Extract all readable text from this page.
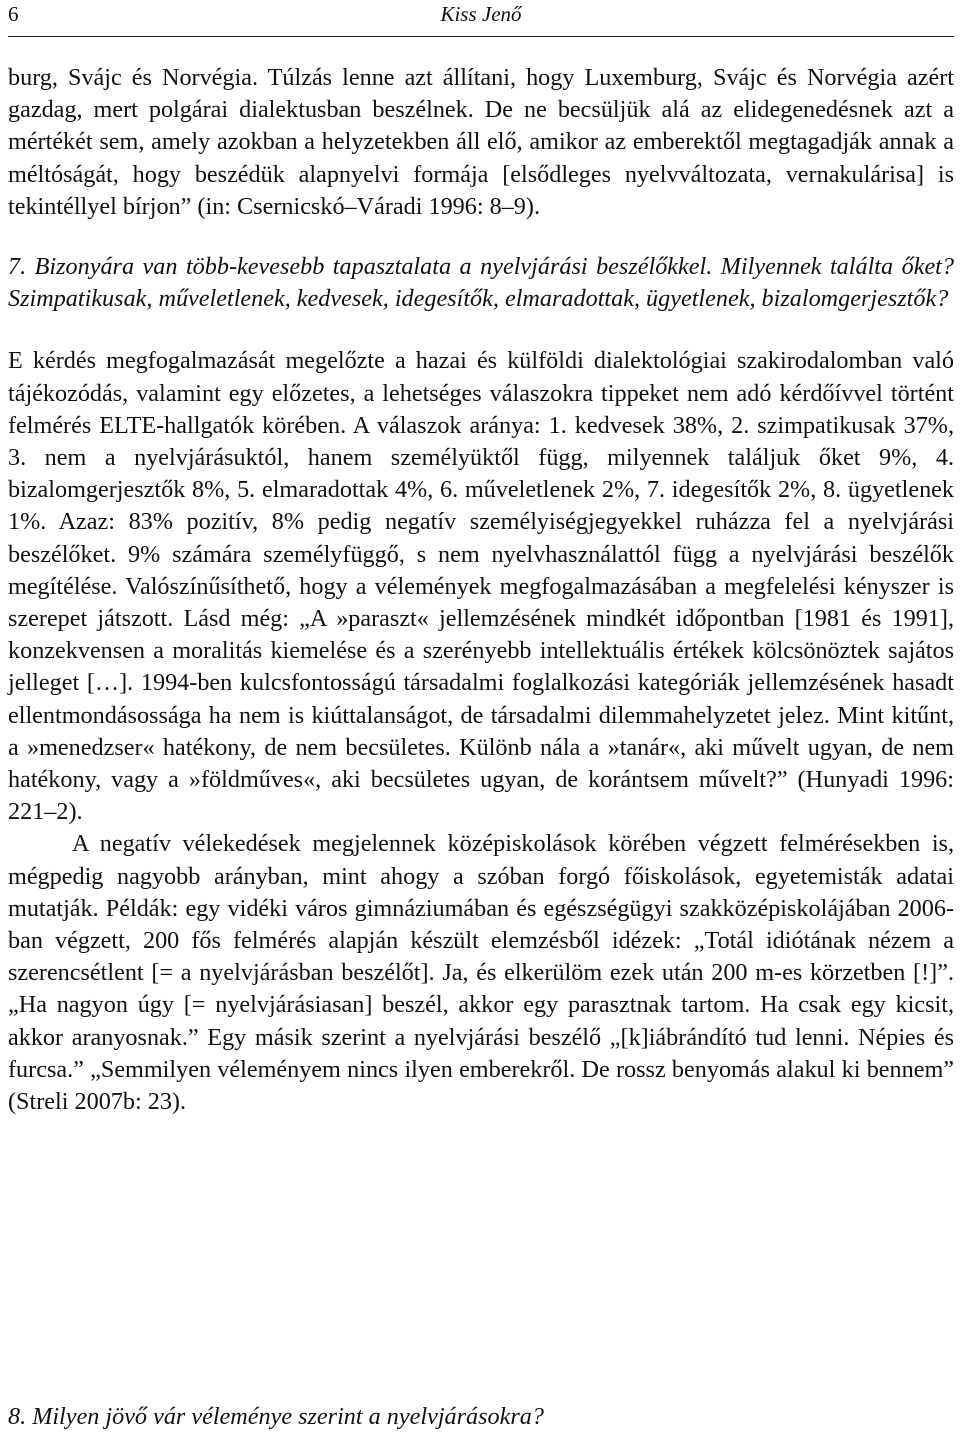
6	Kiss Jenő

burg, Svájc és Norvégia. Túlzás lenne azt állítani, hogy Luxemburg, Svájc és Norvégia azért gazdag, mert polgárai dialektusban beszélnek. De ne becsüljük alá az elidegenedésnek azt a mértékét sem, amely azokban a helyzetekben áll elő, amikor az emberektől megtagadják annak a méltóságát, hogy beszédük alapnyelvi formája [elsődleges nyelvváltozata, vernakulárisa] is tekintéllyel bírjon” (in: Csernicskó–Váradi 1996: 8–9).

7. Bizonyára van több-kevesebb tapasztalata a nyelvjárási beszélőkkel. Milyennek találta őket? Szimpatikusak, műveletlenek, kedvesek, idegesítők, elmaradottak, ügyetlenek, bizalomgerjesztők?

E kérdés megfogalmazását megelőzte a hazai és külföldi dialektológiai szakirodalomban való tájékozódás, valamint egy előzetes, a lehetséges válaszokra tippeket nem adó kérdőívvel történt felmérés ELTE-hallgatók körében. A válaszok aránya: 1. kedvesek 38%, 2. szimpatikusak 37%, 3. nem a nyelvjárásuktól, hanem személyüktől függ, milyennek találjuk őket 9%, 4. bizalomgerjesztők 8%, 5. elmaradottak 4%, 6. műveletlenek 2%, 7. idegesítők 2%, 8. ügyetlenek 1%. Azaz: 83% pozitív, 8% pedig negatív személyiségjegyekkel ruházza fel a nyelvjárási beszélőket. 9% számára személyfüggő, s nem nyelvhasználattól függ a nyelvjárási beszélők megítélése. Valószínűsíthető, hogy a vélemények megfogalmazásában a megfelelési kényszer is szerepet játszott. Lásd még: „A »paraszt« jellemzésének mindkét időpontban [1981 és 1991], konzekvensen a moralitás kiemelése és a szerényebb intellektuális értékek kölcsönöztek sajátos jelleget […]. 1994-ben kulcsfontosságú társadalmi foglalkozási kategóriák jellemzésének hasadt ellentmondásossága ha nem is kiúttalanságot, de társadalmi dilemmahelyzetet jelez. Mint kitűnt, a »menedzser« hatékony, de nem becsületes. Különb nála a »tanár«, aki művelt ugyan, de nem hatékony, vagy a »földműves«, aki becsületes ugyan, de korántsem művelt?” (Hunyadi 1996: 221–2).

A negatív vélekedések megjelennek középiskolások körében végzett felmérésekben is, mégpedig nagyobb arányban, mint ahogy a szóban forgó főiskolások, egyetemisták adatai mutatják. Példák: egy vidéki város gimnáziumában és egészségügyi szakközépiskolájában 2006-ban végzett, 200 fős felmérés alapján készült elemzésből idézek: „Totál idiótának nézem a szerencsétlent [= a nyelvjárásban beszélőt]. Ja, és elkerülöm ezek után 200 m-es körzetben [!]”. „Ha nagyon úgy [= nyelvjárásiasan] beszél, akkor egy parasztnak tartom. Ha csak egy kicsit, akkor aranyosnak.” Egy másik szerint a nyelvjárási beszélő „[k]iábrándító tud lenni. Népies és furcsa.” „Semmilyen véleményem nincs ilyen emberekről. De rossz benyomás alakul ki bennem” (Streli 2007b: 23).

8. Milyen jövő vár véleménye szerint a nyelvjárásokra?
